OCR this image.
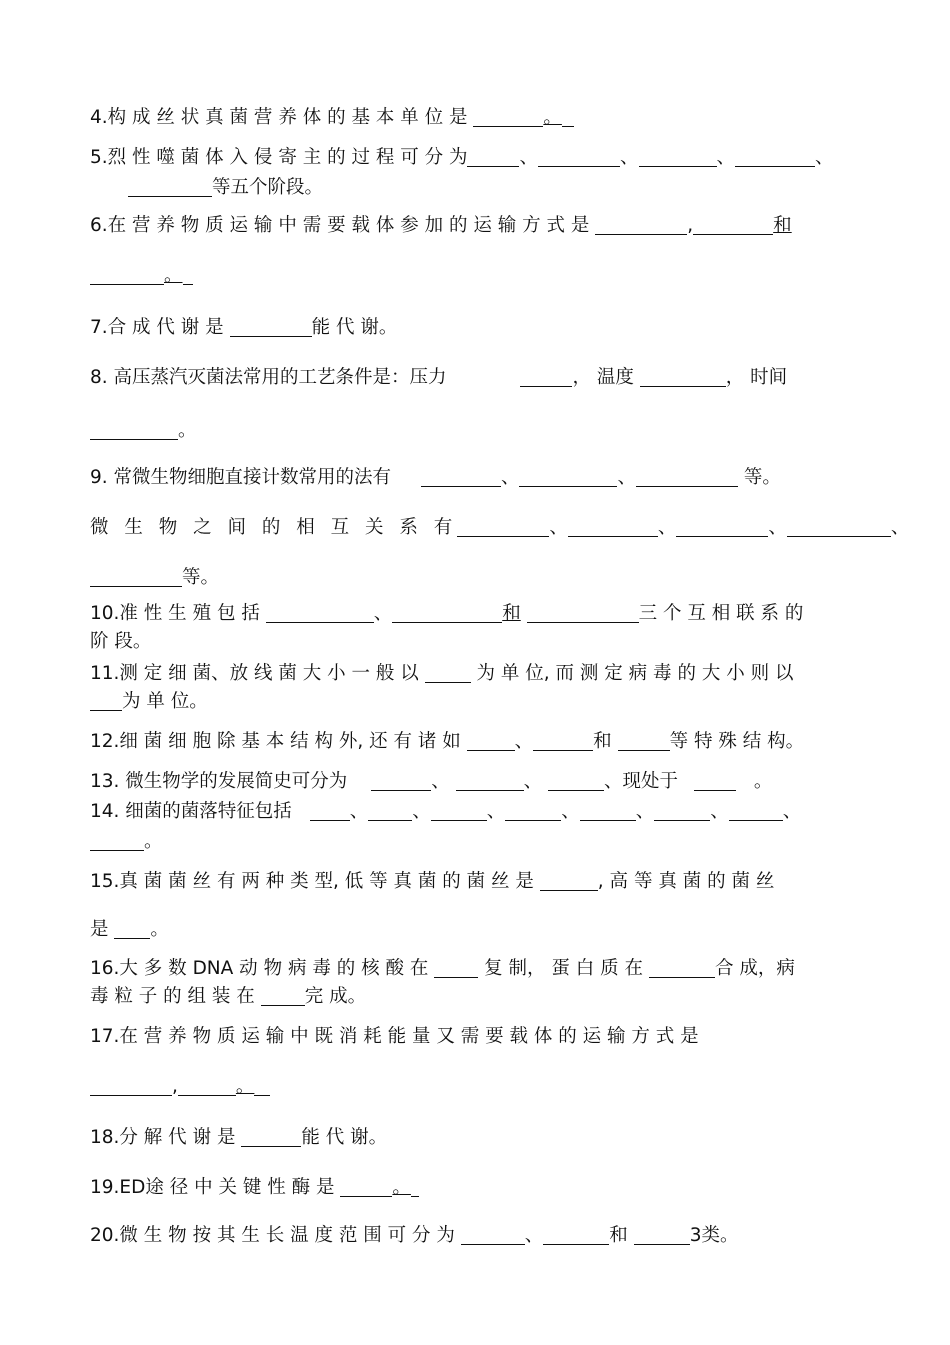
4.构 成 丝 状 真 菌 营 养 体 的 基 本 单 位 是	。
5.烈 性 噬 菌 体 入 侵 寄 主 的 过 程 可 分 为	、	、	、	、
等五个阶段。
6.在 营 养 物 质 运 输 中 需 要 载 体 参 加 的 运 输 方 式 是	,	和
。
7.合 成 代 谢 是	能 代 谢。
8. 高压蒸汽灭菌法常用的工艺条件是：压力	， 温度	， 时间
。
9. 常微生物细胞直接计数常用的法有	、	、	等。
微 生 物 之 间 的 相 互 关 系 有	、	、	、	、
等。
10.准 性 生 殖 包 括	、	和	三 个 互 相 联 系 的
阶 段。
11.测 定 细 菌、放 线 菌 大 小 一 般 以	为 单 位, 而 测 定 病 毒 的 大 小 则 以
为 单 位。
12.细 菌 细 胞 除 基 本 结 构 外, 还 有 诸 如	、	和	等 特 殊 结 构。
13. 微生物学的发展简史可分为	、	、	、现处于	。
14. 细菌的菌落特征包括	、 、	、	、	、	、	、
。
15.真 菌 菌 丝 有 两 种 类 型, 低 等 真 菌 的 菌 丝 是	, 高 等 真 菌 的 菌 丝
是 。
16.大 多 数 DNA 动 物 病 毒 的 核 酸 在	复 制， 蛋 白 质 在	合 成，病
毒 粒 子 的 组 装 在	完 成。
17.在 营 养 物 质 运 输 中 既 消 耗 能 量 又 需 要 载 体 的 运 输 方 式 是
,	。
18.分 解 代 谢 是	能 代 谢。
19.ED途 径 中 关 键 性 酶 是	。
20.微 生 物 按 其 生 长 温 度 范 围 可 分 为	、	和	3类。
